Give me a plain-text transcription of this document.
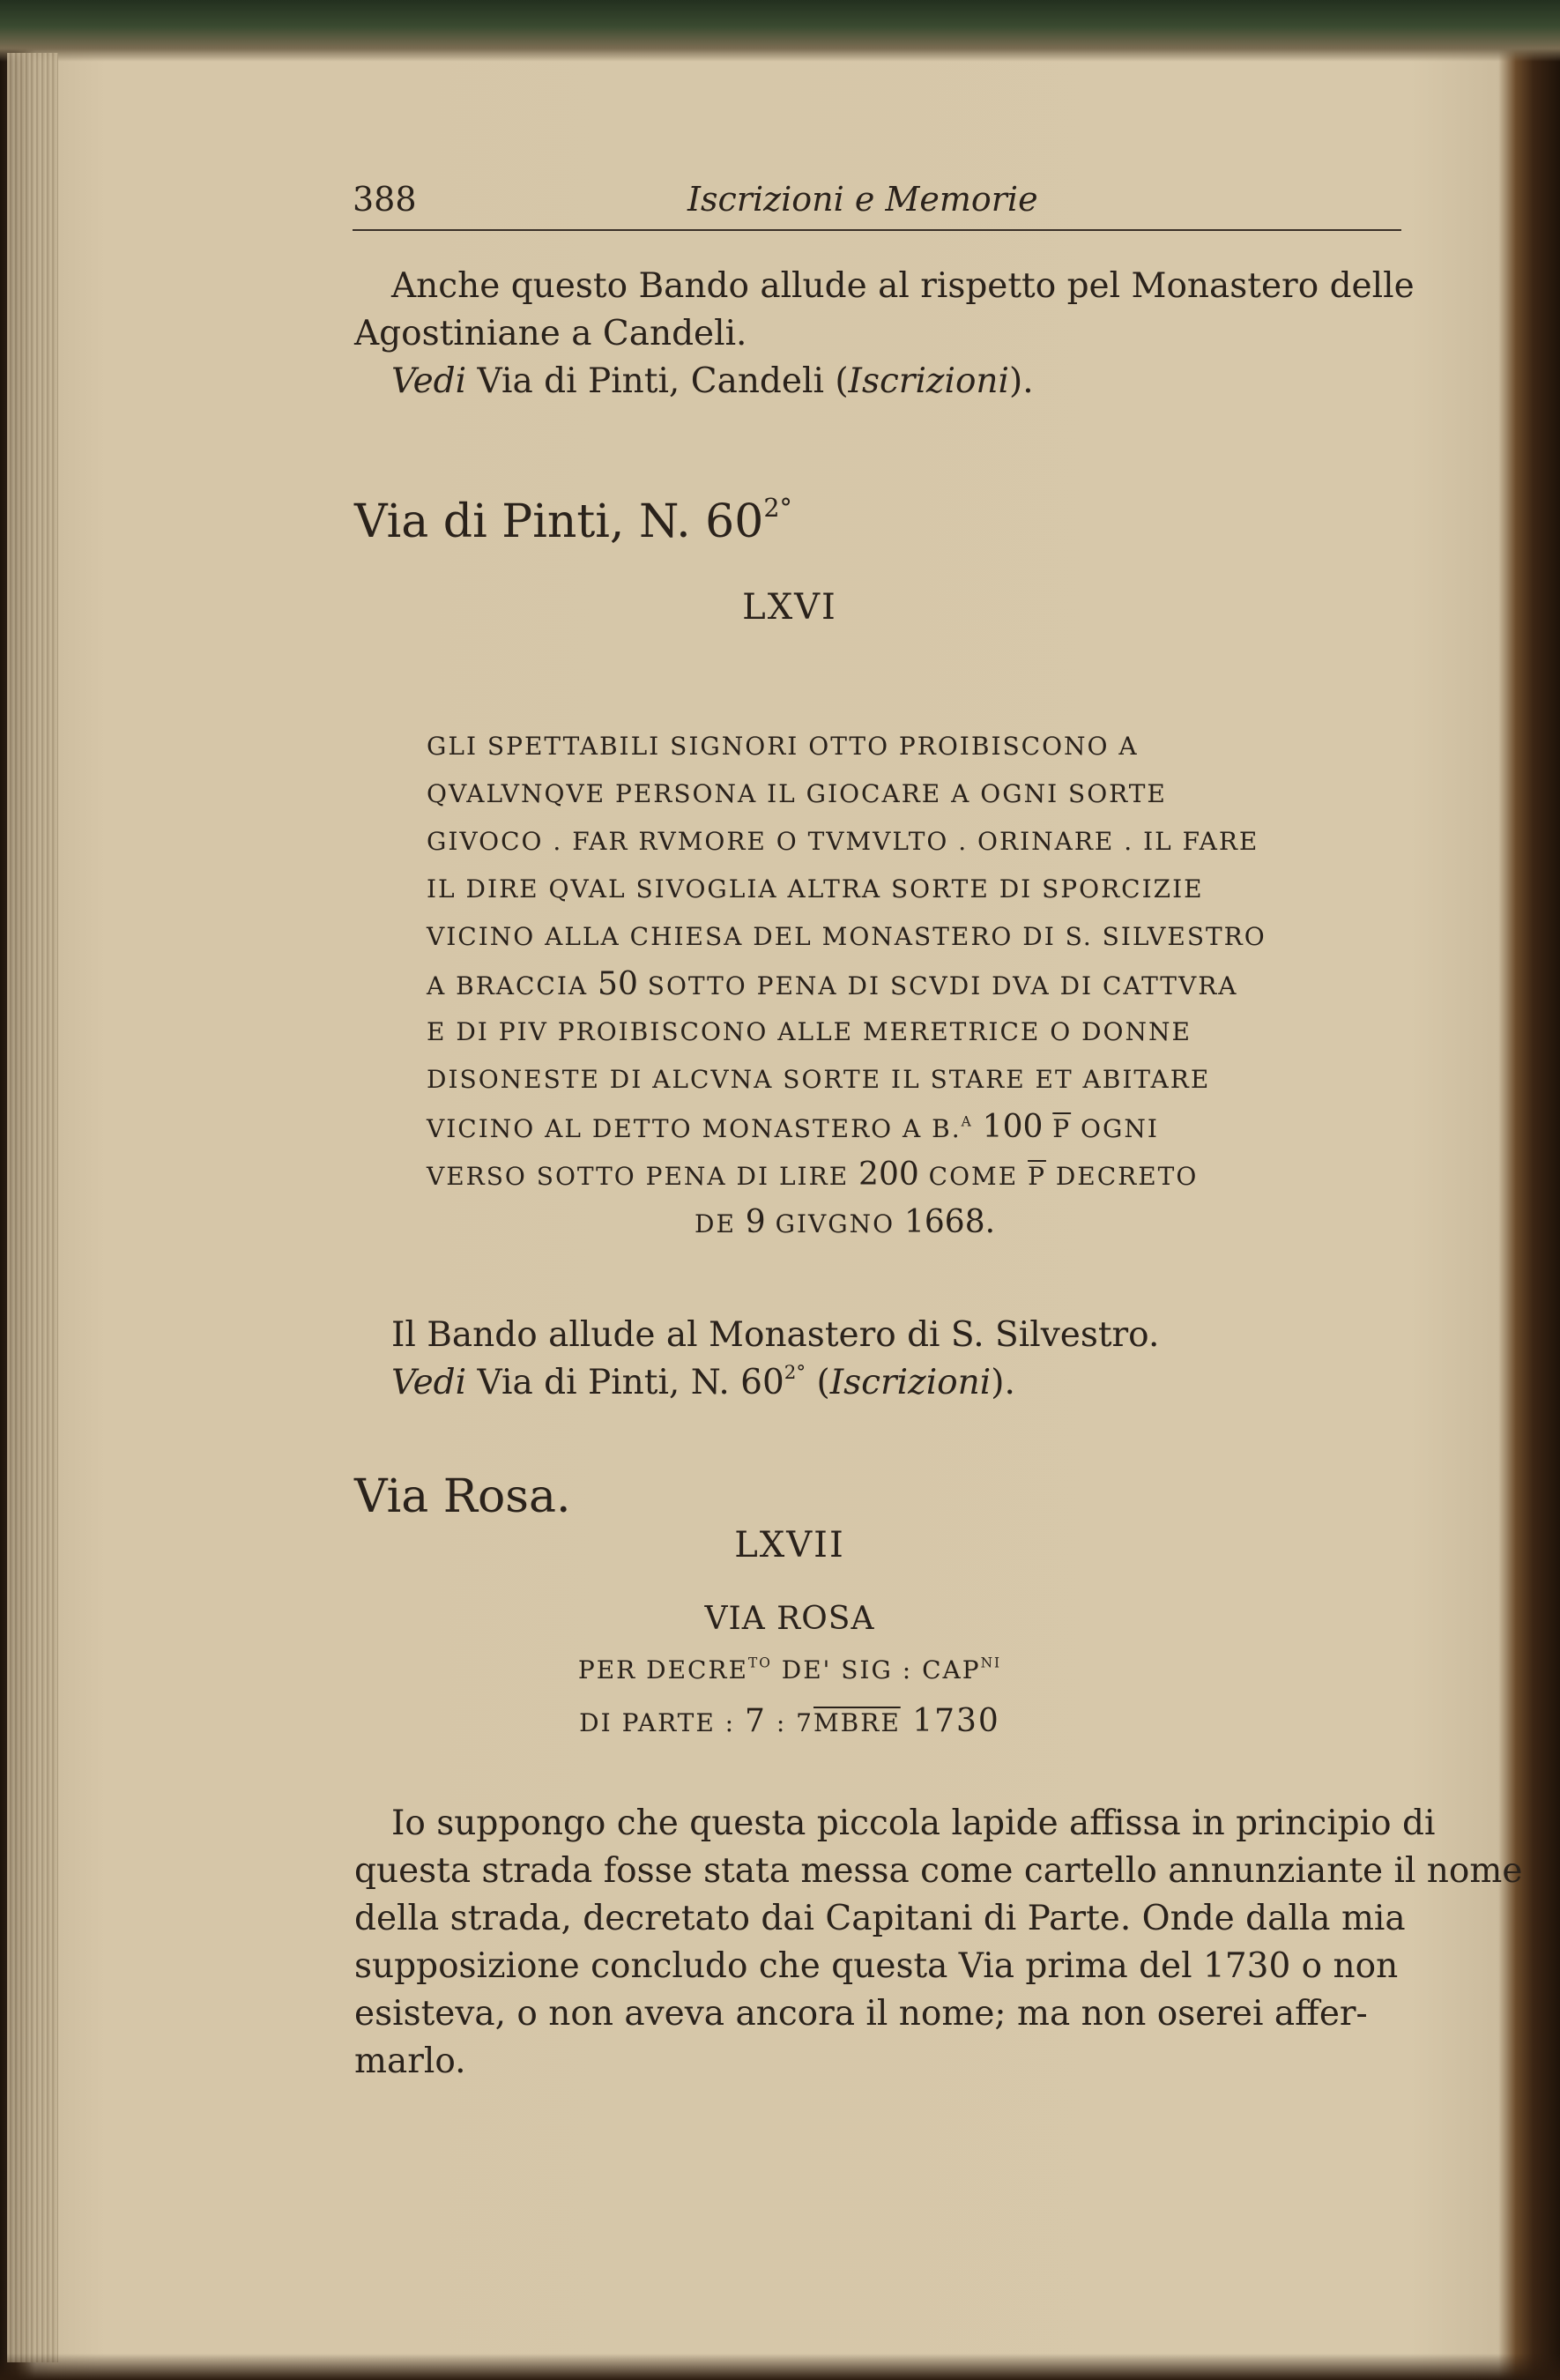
388	Iscrizioni e Memorie
Anche questo Bando allude al rispetto pel Monastero delle
Agostiniane a Candeli.
Vedi Via di Pinti, Candeli (Iscrizioni).
Via di Pinti, N. $60^{2^\circ}$
LXVI
GLI SPETTABILI SIGNORI OTTO PROIBISCONO A
QVALVNQVE PERSONA IL GIOCARE A OGNI SORTE
GIVOCO . FAR RVMORE O TVMVLTO . ORINARE . IL FARE
IL DIRE QVAL SIVOGLIA ALTRA SORTE DI SPORCIZIE
VICINO ALLA CHIESA DEL MONASTERO DI S. SILVESTRO
A BRACCIA 50 SOTTO PENA DI SCVDI DVA DI CATTVRA
E DI PIV PROIBISCONO ALLE MERETRICE O DONNE
DISONESTE DI ALCVNA SORTE IL STARE ET ABITARE
VICINO AL DETTO MONASTERO A B.$^A$ 100 $\overline{P}$ OGNI
VERSO SOTTO PENA DI LIRE 200 COME $\overline{P}$ DECRETO
DE 9 GIVGNO 1668.
Il Bando allude al Monastero di S. Silvestro.
Vedi Via di Pinti, N. $60^{2^\circ}$ (Iscrizioni).
Via Rosa.
LXVII
VIA ROSA
PER $DECRE^{TO}$ DE' SIG : $CAP^{NI}$
DI PARTE : 7 : 7MBRE 1730
Io suppongo che questa piccola lapide affissa in principio di
questa strada fosse stata messa come cartello annunziante il nome
della strada, decretato dai Capitani di Parte. Onde dalla mia
supposizione concludo che questa Via prima del 1730 o non
esisteva, o non aveva ancora il nome; ma non oserei affer-
marlo.
